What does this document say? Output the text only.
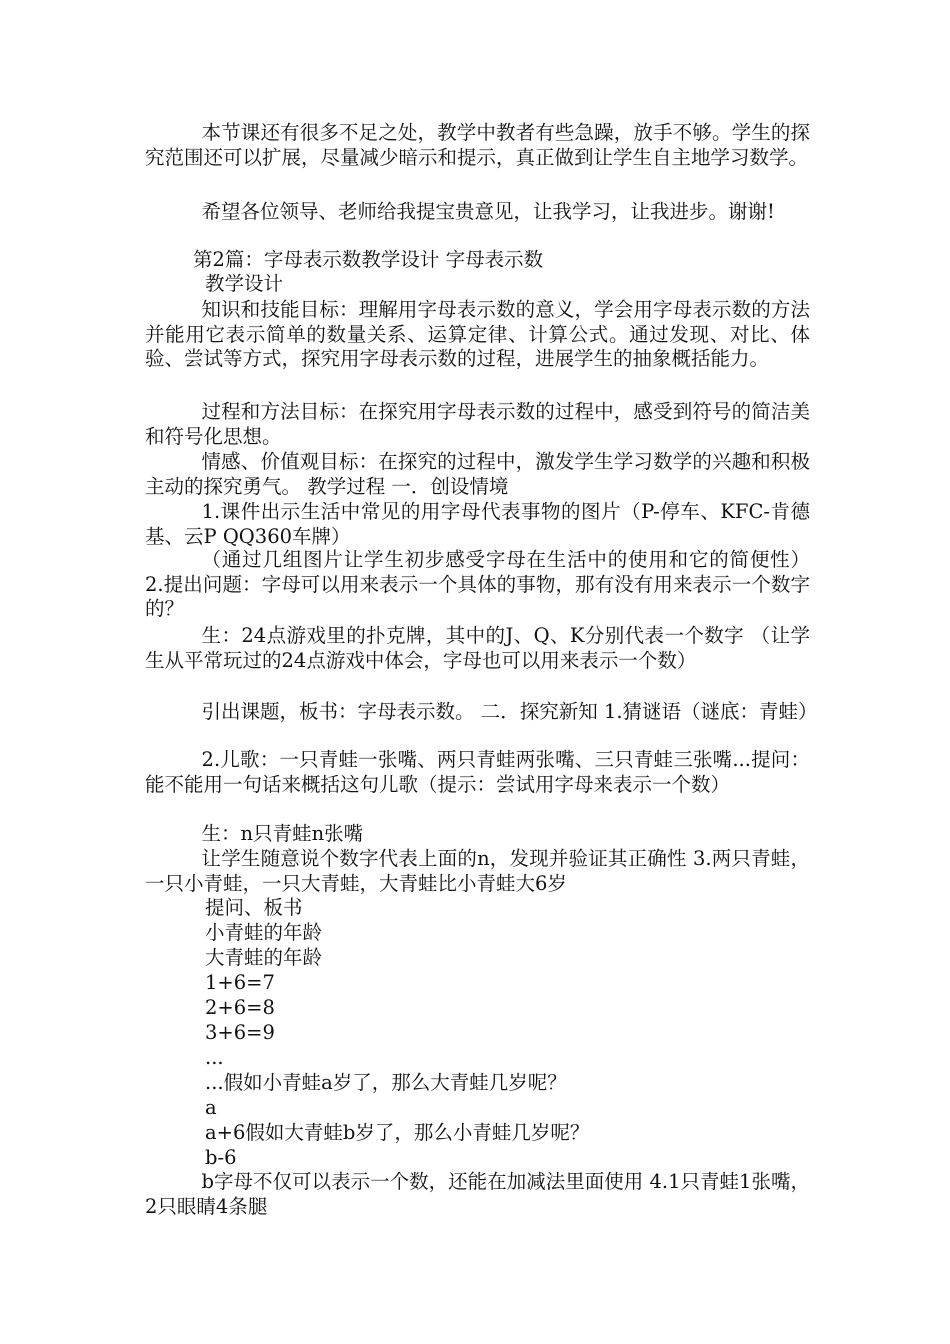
本节课还有很多不足之处，教学中教者有些急躁，放手不够。学生的探究范围还可以扩展，尽量减少暗示和提示，真正做到让学生自主地学习数学。

希望各位领导、老师给我提宝贵意见，让我学习，让我进步。谢谢!

第2篇：字母表示数教学设计 字母表示数

教学设计

知识和技能目标：理解用字母表示数的意义，学会用字母表示数的方法并能用它表示简单的数量关系、运算定律、计算公式。通过发现、对比、体验、尝试等方式，探究用字母表示数的过程，进展学生的抽象概括能力。

过程和方法目标：在探究用字母表示数的过程中，感受到符号的简洁美和符号化思想。

情感、价值观目标：在探究的过程中，激发学生学习数学的兴趣和积极主动的探究勇气。 教学过程 一．创设情境

1.课件出示生活中常见的用字母代表事物的图片（P-停车、KFC-肯德基、云P QQ360车牌）

（通过几组图片让学生初步感受字母在生活中的使用和它的简便性） 2.提出问题：字母可以用来表示一个具体的事物，那有没有用来表示一个数字的？

生：24点游戏里的扑克牌，其中的J、Q、K分别代表一个数字 （让学生从平常玩过的24点游戏中体会，字母也可以用来表示一个数）

引出课题，板书：字母表示数。 二．探究新知 1.猜谜语（谜底：青蛙）

2.儿歌：一只青蛙一张嘴、两只青蛙两张嘴、三只青蛙三张嘴...提问：能不能用一句话来概括这句儿歌（提示：尝试用字母来表示一个数）

生：n只青蛙n张嘴

让学生随意说个数字代表上面的n，发现并验证其正确性 3.两只青蛙，一只小青蛙，一只大青蛙，大青蛙比小青蛙大6岁

提问、板书

小青蛙的年龄

大青蛙的年龄

1+6=7

2+6=8

3+6=9

...

...假如小青蛙a岁了，那么大青蛙几岁呢？

a

a+6假如大青蛙b岁了，那么小青蛙几岁呢？

b-6

b字母不仅可以表示一个数，还能在加减法里面使用 4.1只青蛙1张嘴，2只眼睛4条腿
